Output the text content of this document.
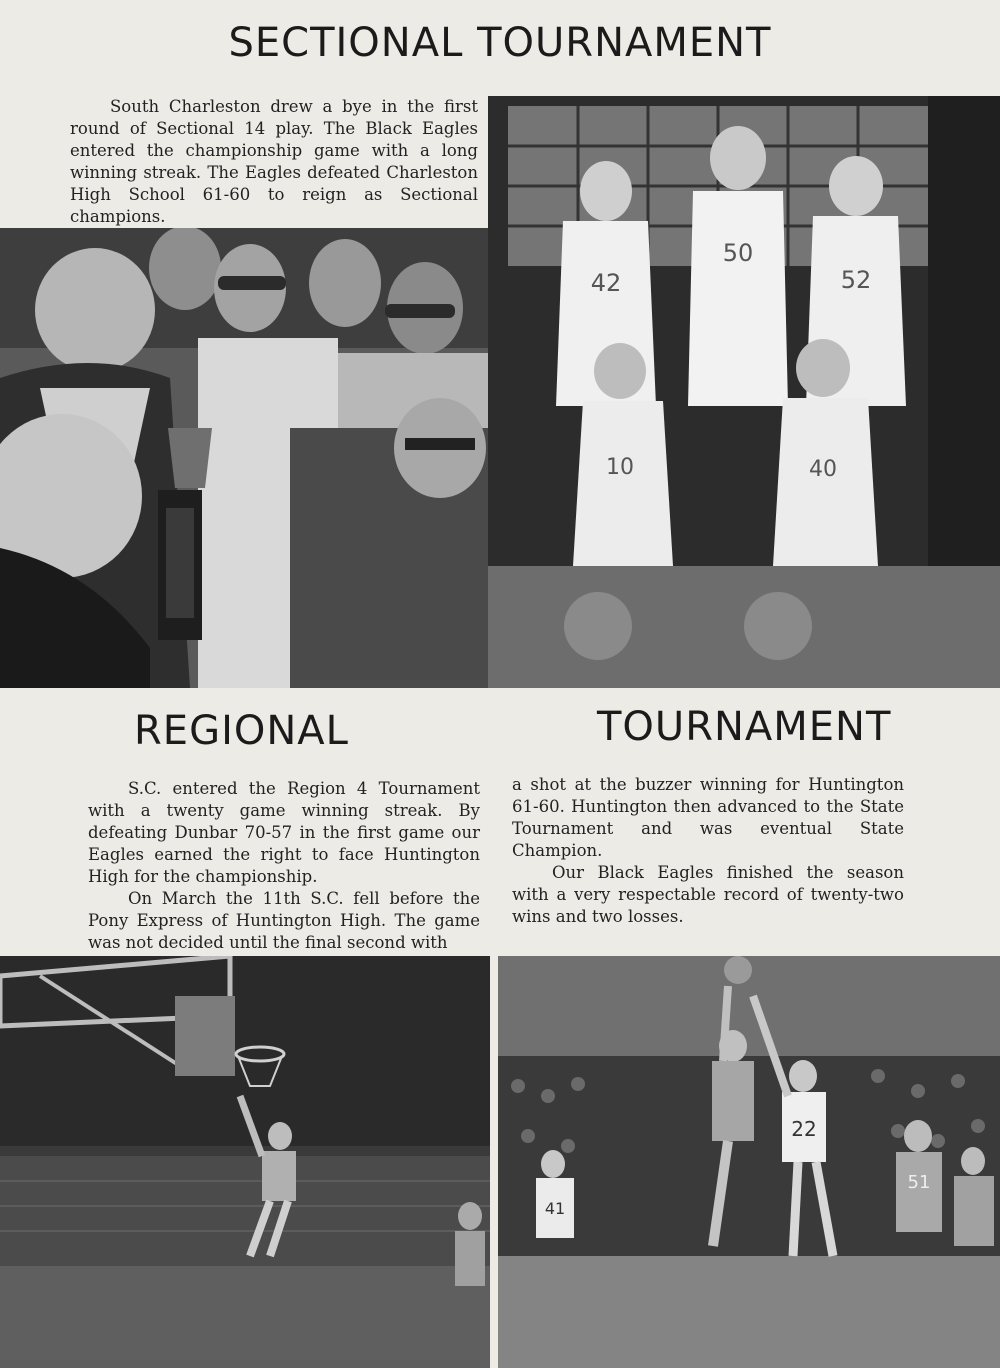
SECTIONAL TOURNAMENT

South Charleston drew a bye in the first round of Sectional 14 play. The Black Eagles entered the championship game with a long winning streak. The Eagles defeated Charleston High School 61-60 to reign as Sectional champions.

42
50
52
10	40
REGIONAL	TOURNAMENT
S.C. entered the Region 4 Tournament with a twenty game winning streak. By defeating Dunbar 70-57 in the first game our Eagles earned the right to face Huntington High for the championship.
On March the 11th S.C. fell before the Pony Express of Huntington High. The game was not decided until the final second with
a shot at the buzzer winning for Huntington 61-60. Huntington then advanced to the State Tournament and was eventual State Champion.
Our Black Eagles finished the season with a very respectable record of twenty-two wins and two losses.
22
41
51
